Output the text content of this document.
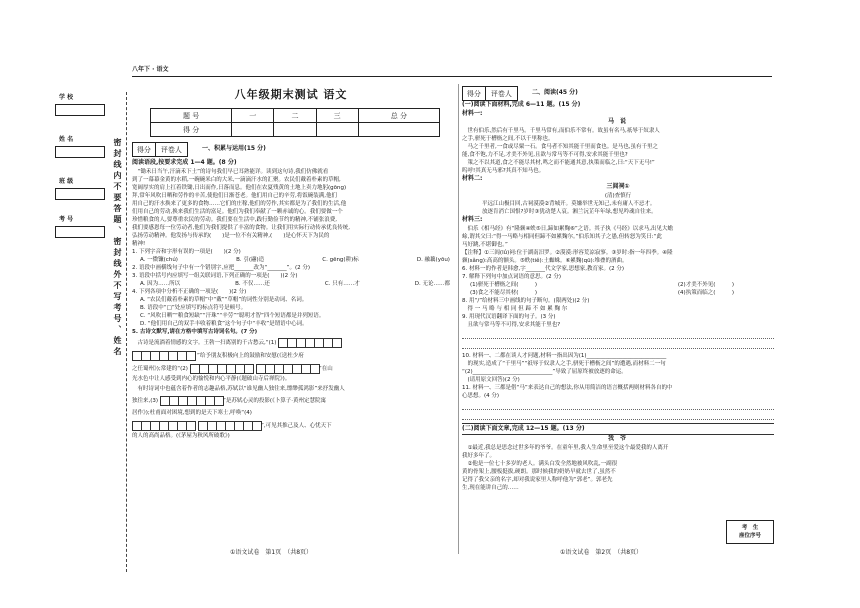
八年下 · 语文
学 校
姓 名
班 级
考 号	密封线内不要答题、密封线外不写考号、姓名
八年级期末测试 语文
题 号	一	二	三	总 分
得 分				
得分	评卷人	一、积累与运用(15 分)
阅读语段,按要求完成 1—4 题。(8 分)
　“锄禾日当午,汗滴禾下土”的诗句我们早已耳熟能详。读到这句诗,我们仿佛就看
到了一幕幕金黄的水稻,一碗碗米白的大米,一滴滴汗水的汇聚。农民们戴着朴素的草帽,
宽阔厚实的肩上扛着铁锄,日出而作,日落而息。他们在农夏残黄的土地上卖力地躬(gōng)
拜,常年风吹日晒和劳作的辛苦,使他们日渐苍老。他们用自己的辛劳,将饭碗装满,他们
用自己的汗水换来了更多的食物……它们的庄稼,他们的劳作,其实都是为了我们的生活,他
们用自己的劳动,换来我们生活的富足。他们为我们奉献了一颗赤诚的心。我们要做一个
珍惜粮食的人,要尊重农民的劳动。我们要在生活中,践行勤俭节约的精神,不铺张浪费,
我们要感恩每一位劳动者,他们为我们提供了丰富的食物。让我们用实际行动传承优良传统,
弘扬劳动精神。他发扬与传承的(　　)是一位不有关精神,(　　)是心怀天下为民的
精神!
1. 下列字音和字形有误的一项是(　　)(2 分)
A. 一微镰(chú)	B. 引(翮)造	C. gēng(耕)标	D. 融藕(yōu)
2. 语段中画横线句子中有一个错别字,应把_______改为“_______”。(2 分)
3. 语段中括号内应填写一组关联词语,下列正确的一项是(　　)(2 分)
A. 因为……所以	B. 不仅……还	C. 只有……才	D. 无论……都
4. 下列各项中分析不正确的一项是(　　)(2 分)
A. “农民们戴着朴素的草帽”中“戴”“草帽”的词性分别是动词、名词。
B. 语段中“□”处应填写的标点符号是顿号。
C. “风吹日晒”“粮食短缺”“汗珠”“辛劳”“聪明才智”四个短语都是并列短语。
D. “他们用自己的双手丰收着粮食”这个句子中“丰收”是谓语中心词。
5. 古诗文默写,请在方格中填写古诗词名句。(7 分)
　古诗是流淌着情感的文字。王勃一扫离别的千古愁云,“(1)
”给予朋友积极向上的鼓励和安慰(《送杜少府
之任蜀州》);常建的“(2)	”在山
光水色中让人感受到内心的愉悦和内心平静(《题破山寺后禅院》)。
　有时诗词中也蕴含着作者的志趣品格,苏轼以“谁见幽人独往来,缥缈孤鸿影”来抒发幽人
独往来,(3)	”是苏轼心灵的投影(《卜算子·黄州定慧院寓
居作》);杜甫面对困境,想到的是天下寒士,呼唤“(4)
”,可见其推己及人、心忧天下
的人的高尚品格。(《茅屋为秋风所破歌》)
①语文试卷　第1页　（共8页）
得分	评卷人	二、阅读(45 分)
(一)阅读下面材料,完成 6—11 题。(15 分)
材料一:
马 说
　世有伯乐,然后有千里马。千里马常有,而伯乐不常有。故虽有名马,祇辱于奴隶人
之手,骈死于槽枥之间,不以千里称也。
　马之千里者,一食或尽粟一石。食马者不知其能千里而食也。是马也,虽有千里之
能,食不饱,力不足,才美不外见,且欲与常马等不可得,安求其能千里也?
　策之不以其道,食之不能尽其材,鸣之而不能通其意,执策而临之,曰:“天下无马!”
呜呼!其真无马邪?其真不知马也。
材料二:
三闾祠①
(清)查慎行
平远江山极目回,古祠漠漠②背城开。莫嫌举世无知己,未有庸人不忌才。
放逐肯消亡国恨?岁时③犹动楚人哀。湘兰沅芷年年绿,想见吟魂自往来。
材料三:
　伯乐《相马经》有“隆颡④蛈⑤日,蹄如累麴⑥”之语。其子执《马经》以求马,出见大蟾
蜍,谓其父曰:“得一马略与相同但蹄不如累麴尔。”伯乐知其子之愚,但转怒为笑曰:“此
马好跳,不堪御也。”
【注释】①三闾(lǘ)祠:位于湖南汨罗。②漠漠:形容荒凉寂寥。③岁时:指一年四季。④隆
颡(sǎng):高高的额头。⑤蛈(tiě):土蜘蛛。⑥累麴(qū):堆叠的酒曲。
6. 材料一的作者是韩愈,字_______代文学家,思想家,教育家。(2 分)
7. 解释下列句中加点词语的意思。(2 分)
(1)骈死于槽枥之间(　　　)	(2)才美不外见(　　　)
(3)食之不能尽其材(　　　)	(4)执策而临之(　　　)
8. 用“/”给材料三中画线的句子断句。(限两处)(2 分)
　得 一 马 略 与 相 同 但 蹄 不 如 累 麴 尔
9. 用现代汉语翻译下面的句子。(3 分)
　且欲与常马等不可得,安求其能千里也?
10. 材料一、二都在谈人才问题,材料一指出因为(1)_____________________________
　的现实,造成了“千里马”“祇辱于奴隶人之手,骈死于槽枥之间”的遭遇,而材料二一句
“(2)_____________________________”导致了屈原终被放逐的命运。
　(请用原文回答)(2 分)
11. 材料一、三都是借“马”来表达自己的想法,你从用简洁的语言概括两则材料各自的中
心思想。(4 分)
(二)阅读下面文章,完成 12—15 题。(13 分)
我 爷
　①最近,我总是思念过世多年的爷爷。在童年里,我人生命里至爱这个最爱我的人离开
我好多年了。
　②他是一位七十多岁的老人。满头白发全然地被风吹乱,一副很
黄的骨架上,腰板挺拔,硬朗。那时候我的奶奶早就去世了,虽然不
记得了我父亲的名字,却对我说家里人称呼他为“郭老”。郭老先
生,现在能讲自己的……
考　生
座位序号
①语文试卷　第2页　（共8页）
